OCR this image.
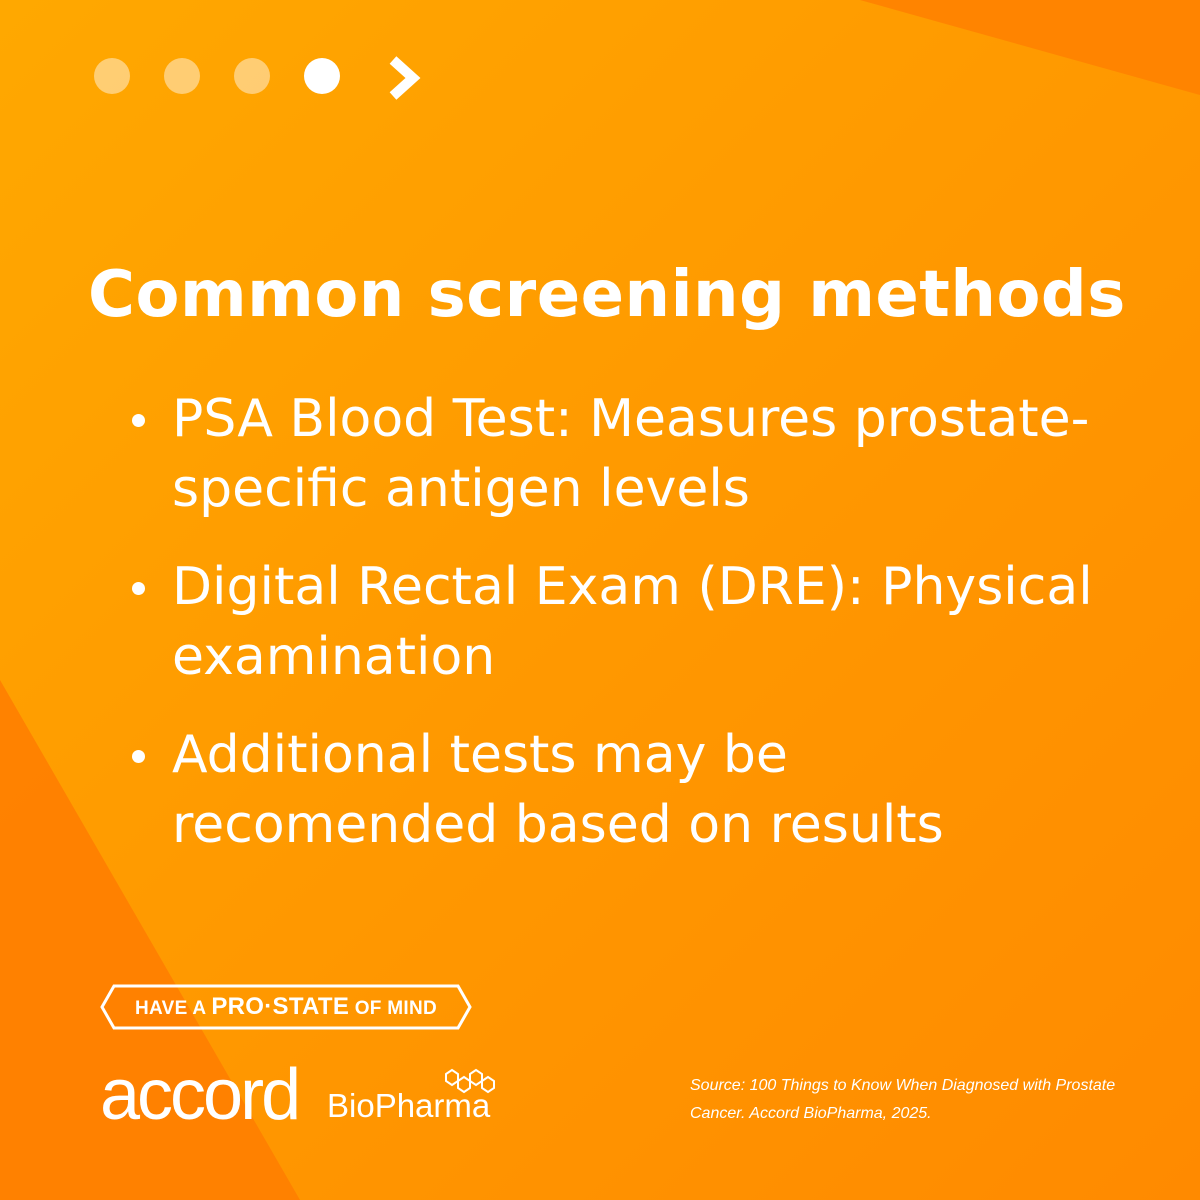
Common screening methods
PSA Blood Test: Measures prostate-specific antigen levels
Digital Rectal Exam (DRE): Physical examination
Additional tests may be recomended based on results
HAVE A PRO·STATE OF MIND
accord BioPharma
Source: 100 Things to Know When Diagnosed with Prostate Cancer. Accord BioPharma, 2025.
